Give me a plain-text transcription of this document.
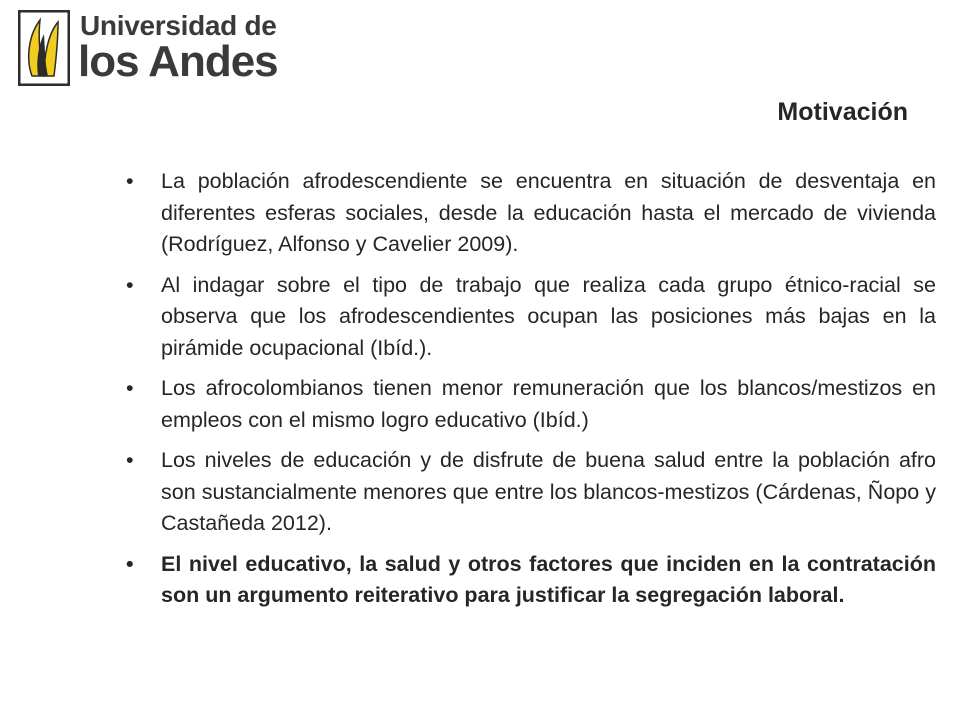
Universidad de
los Andes
Motivación
• La población afrodescendiente se encuentra en situación de desventaja en diferentes esferas sociales, desde la educación hasta el mercado de vivienda (Rodríguez, Alfonso y Cavelier 2009).
• Al indagar sobre el tipo de trabajo que realiza cada grupo étnico-racial se observa que los afrodescendientes ocupan las posiciones más bajas en la pirámide ocupacional (Ibíd.).
• Los afrocolombianos tienen menor remuneración que los blancos/mestizos en empleos con el mismo logro educativo (Ibíd.)
• Los niveles de educación y de disfrute de buena salud entre la población afro son sustancialmente menores que entre los blancos-mestizos (Cárdenas, Ñopo y Castañeda 2012).
• El nivel educativo, la salud y otros factores que inciden en la contratación son un argumento reiterativo para justificar la segregación laboral.
